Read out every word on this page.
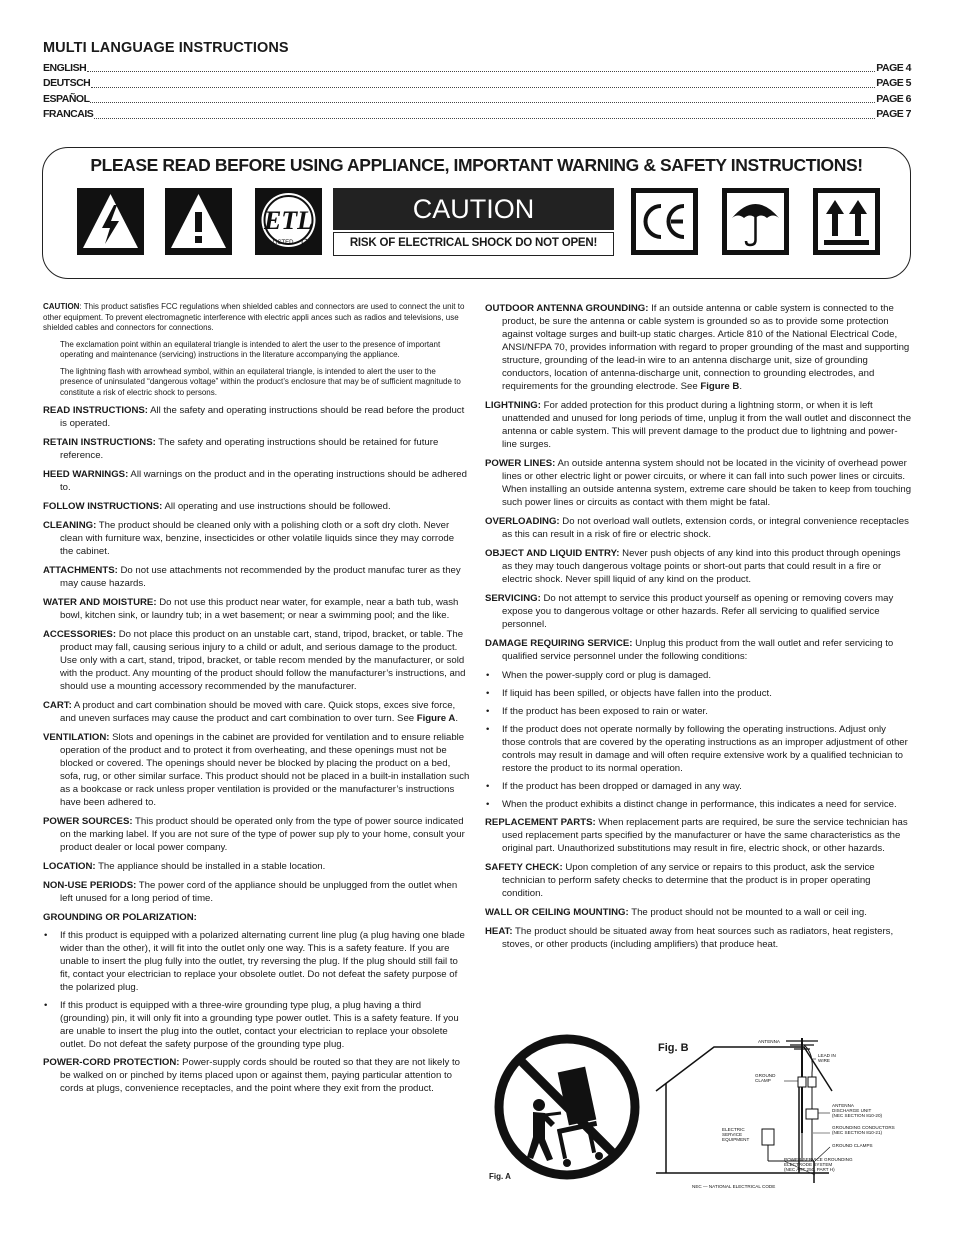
MULTI LANGUAGE INSTRUCTIONS
ENGLISH	PAGE 4
DEUTSCH	PAGE 5
ESPAÑOL	PAGE 6
FRANCAIS	PAGE 7
PLEASE READ BEFORE USING APPLIANCE, IMPORTANT WARNING & SAFETY INSTRUCTIONS!
ETL
LISTED
CAUTION
RISK OF ELECTRICAL SHOCK DO NOT OPEN!

CAUTION: This product satisfies FCC regulations when shielded cables and connectors are used to connect the unit to other equipment. To prevent electromagnetic interference with electric appli ances such as radios and televisions, use shielded cables and connectors for connections.

The exclamation point within an equilateral triangle is intended to alert the user to the presence of important operating and maintenance (servicing) instructions in the literature accompanying the appliance.

The lightning flash with arrowhead symbol, within an equilateral triangle, is intended to alert the user to the presence of uninsulated “dangerous voltage” within the product’s enclosure that may be of sufficient magnitude to constitute a risk of electric shock to persons.

READ INSTRUCTIONS: All the safety and operating instructions should be read before the product is operated.

RETAIN INSTRUCTIONS: The safety and operating instructions should be retained for future reference.

HEED WARNINGS: All warnings on the product and in the operating instructions should be adhered to.

FOLLOW INSTRUCTIONS: All operating and use instructions should be followed.

CLEANING: The product should be cleaned only with a polishing cloth or a soft dry cloth. Never clean with furniture wax, benzine, insecticides or other volatile liquids since they may corrode the cabinet.

ATTACHMENTS: Do not use attachments not recommended by the product manufac turer as they may cause hazards.

WATER AND MOISTURE: Do not use this product near water, for example, near a bath tub, wash bowl, kitchen sink, or laundry tub; in a wet basement; or near a swimming pool; and the like.

ACCESSORIES: Do not place this product on an unstable cart, stand, tripod, bracket, or table. The product may fall, causing serious injury to a child or adult, and serious damage to the product. Use only with a cart, stand, tripod, bracket, or table recom mended by the manufacturer, or sold with the product. Any mounting of the product should follow the manufacturer’s instructions, and should use a mounting accessory recommended by the manufacturer.

CART: A product and cart combination should be moved with care. Quick stops, exces sive force, and uneven surfaces may cause the product and cart combination to over turn. See Figure A.

VENTILATION: Slots and openings in the cabinet are provided for ventilation and to ensure reliable operation of the product and to protect it from overheating, and these openings must not be blocked or covered. The openings should never be blocked by placing the product on a bed, sofa, rug, or other similar surface. This product should not be placed in a built-in installation such as a bookcase or rack unless proper ventilation is provided or the manufacturer’s instructions have been adhered to.

POWER SOURCES: This product should be operated only from the type of power source indicated on the marking label. If you are not sure of the type of power sup ply to your home, consult your product dealer or local power company.

LOCATION: The appliance should be installed in a stable location.

NON-USE PERIODS: The power cord of the appliance should be unplugged from the outlet when left unused for a long period of time.

GROUNDING OR POLARIZATION:

• If this product is equipped with a polarized alternating current line plug (a plug having one blade wider than the other), it will fit into the outlet only one way. This is a safety feature. If you are unable to insert the plug fully into the outlet, try reversing the plug. If the plug should still fail to fit, contact your electrician to replace your obsolete outlet. Do not defeat the safety purpose of the polarized plug.

• If this product is equipped with a three-wire grounding type plug, a plug having a third (grounding) pin, it will only fit into a grounding type power outlet. This is a safety feature. If you are unable to insert the plug into the outlet, contact your electrician to replace your obsolete outlet. Do not defeat the safety purpose of the grounding type plug.

POWER-CORD PROTECTION: Power-supply cords should be routed so that they are not likely to be walked on or pinched by items placed upon or against them, paying particular attention to cords at plugs, convenience receptacles, and the point where they exit from the product.

OUTDOOR ANTENNA GROUNDING: If an outside antenna or cable system is connected to the product, be sure the antenna or cable system is grounded so as to provide some protection against voltage surges and built-up static charges. Article 810 of the National Electrical Code, ANSI/NFPA 70, provides information with regard to proper grounding of the mast and supporting structure, grounding of the lead-in wire to an antenna discharge unit, size of grounding conductors, location of antenna-discharge unit, connection to grounding electrodes, and requirements for the grounding electrode. See Figure B.

LIGHTNING: For added protection for this product during a lightning storm, or when it is left unattended and unused for long periods of time, unplug it from the wall outlet and disconnect the antenna or cable system. This will prevent damage to the product due to lightning and power-line surges.

POWER LINES: An outside antenna system should not be located in the vicinity of overhead power lines or other electric light or power circuits, or where it can fall into such power lines or circuits. When installing an outside antenna system, extreme care should be taken to keep from touching such power lines or circuits as contact with them might be fatal.

OVERLOADING: Do not overload wall outlets, extension cords, or integral convenience receptacles as this can result in a risk of fire or electric shock.

OBJECT AND LIQUID ENTRY: Never push objects of any kind into this product through openings as they may touch dangerous voltage points or short-out parts that could result in a fire or electric shock. Never spill liquid of any kind on the product.

SERVICING: Do not attempt to service this product yourself as opening or removing covers may expose you to dangerous voltage or other hazards. Refer all servicing to qualified service personnel.

DAMAGE REQUIRING SERVICE: Unplug this product from the wall outlet and refer servicing to qualified service personnel under the following conditions:

• When the power-supply cord or plug is damaged.

• If liquid has been spilled, or objects have fallen into the product.

• If the product has been exposed to rain or water.

• If the product does not operate normally by following the operating instructions. Adjust only those controls that are covered by the operating instructions as an improper adjustment of other controls may result in damage and will often require extensive work by a qualified technician to restore the product to its normal operation.

• If the product has been dropped or damaged in any way.

• When the product exhibits a distinct change in performance, this indicates a need for service.

REPLACEMENT PARTS: When replacement parts are required, be sure the service technician has used replacement parts specified by the manufacturer or have the same characteristics as the original part. Unauthorized substitutions may result in fire, electric shock, or other hazards.

SAFETY CHECK: Upon completion of any service or repairs to this product, ask the service technician to perform safety checks to determine that the product is in proper operating condition.

WALL OR CEILING MOUNTING: The product should not be mounted to a wall or ceil ing.

HEAT: The product should be situated away from heat sources such as radiators, heat registers, stoves, or other products (including amplifiers) that produce heat.

Fig. A
ANTENNA
LEAD IN
WIRE
GROUND
CLAMP
ANTENNA
DISCHARGE UNIT
(NEC SECTION 810-20)
GROUNDING CONDUCTORS
(NEC SECTION 810-21)
ELECTRIC
SERVICE
EQUIPMENT
GROUND CLAMPS
POWER SERVICE GROUNDING
ELECTRODE SYSTEM
(NEC ART 250, PART H)
NEC — NATIONAL ELECTRICAL CODE
Fig. B
